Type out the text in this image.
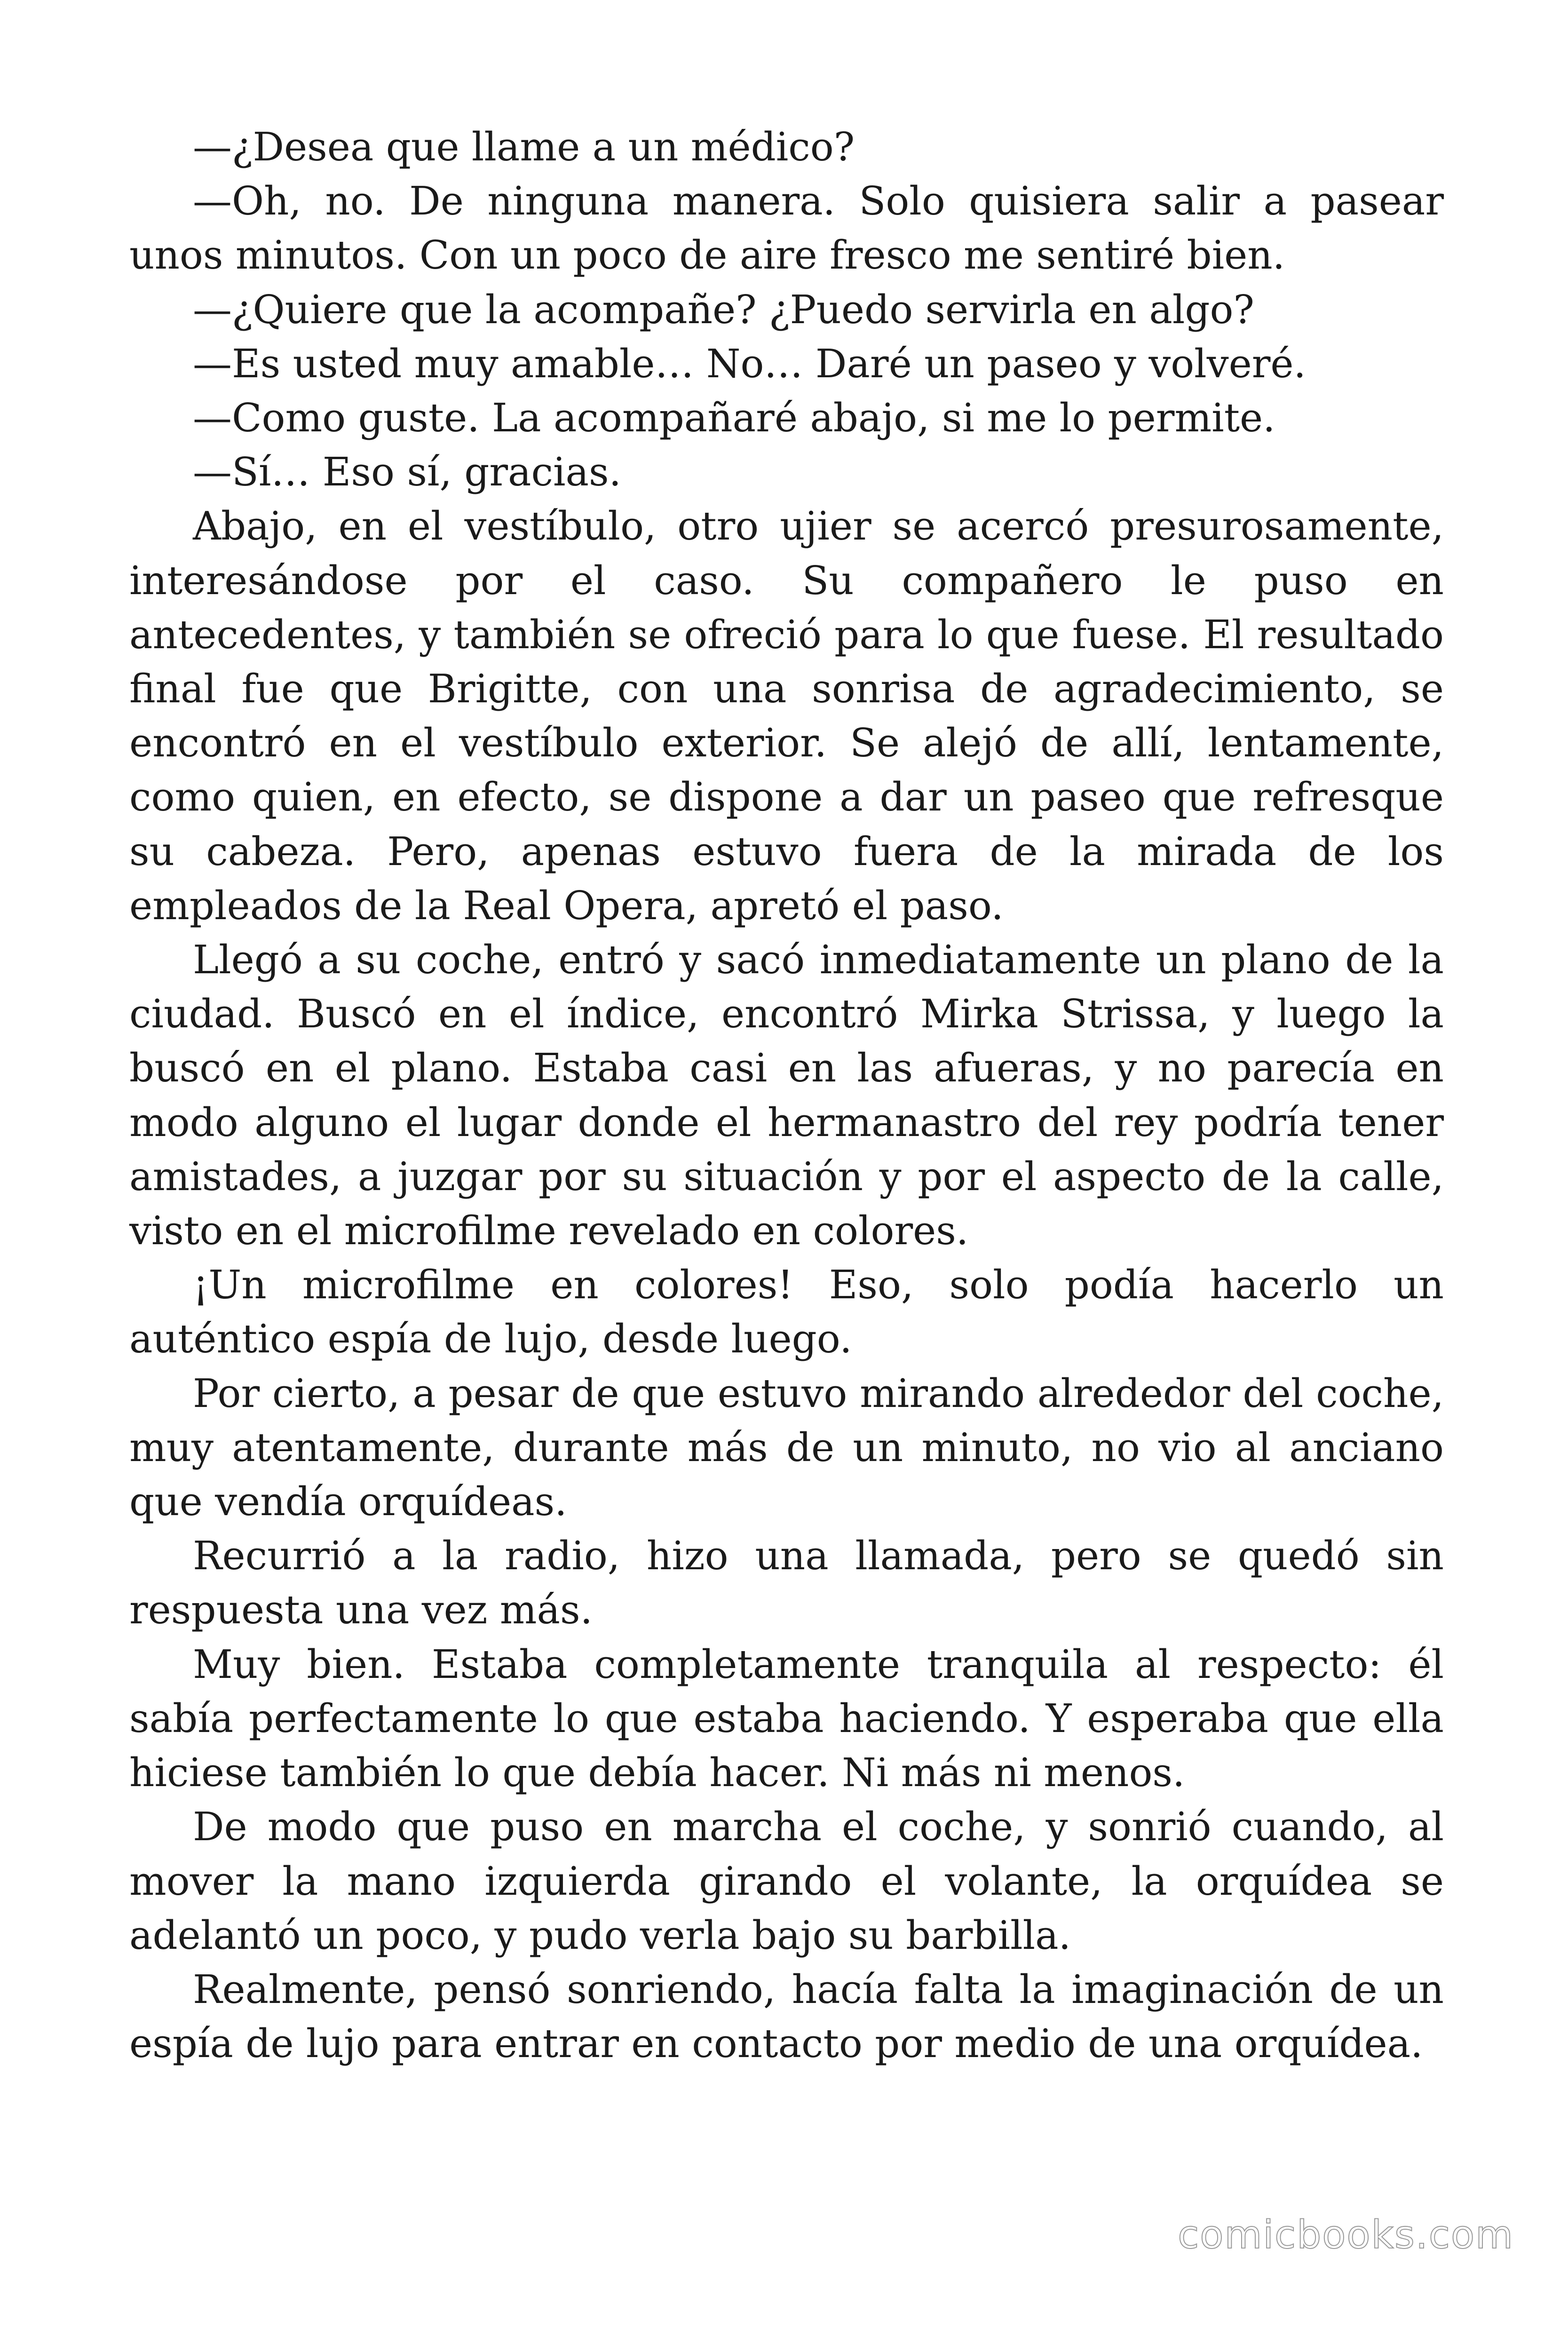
—¿Desea que llame a un médico?

—Oh, no. De ninguna manera. Solo quisiera salir a pasear unos minutos. Con un poco de aire fresco me sentiré bien.

—¿Quiere que la acompañe? ¿Puedo servirla en algo?

—Es usted muy amable… No… Daré un paseo y volveré.

—Como guste. La acompañaré abajo, si me lo permite.

—Sí… Eso sí, gracias.

Abajo, en el vestíbulo, otro ujier se acercó presurosamente, interesándose por el caso. Su compañero le puso en antecedentes, y también se ofreció para lo que fuese. El resultado final fue que Brigitte, con una sonrisa de agradecimiento, se encontró en el vestíbulo exterior. Se alejó de allí, lentamente, como quien, en efecto, se dispone a dar un paseo que refresque su cabeza. Pero, apenas estuvo fuera de la mirada de los empleados de la Real Opera, apretó el paso.

Llegó a su coche, entró y sacó inmediatamente un plano de la ciudad. Buscó en el índice, encontró Mirka Strissa, y luego la buscó en el plano. Estaba casi en las afueras, y no parecía en modo alguno el lugar donde el hermanastro del rey podría tener amistades, a juzgar por su situación y por el aspecto de la calle, visto en el microfilme revelado en colores.

¡Un microfilme en colores! Eso, solo podía hacerlo un auténtico espía de lujo, desde luego.

Por cierto, a pesar de que estuvo mirando alrededor del coche, muy atentamente, durante más de un minuto, no vio al anciano que vendía orquídeas.

Recurrió a la radio, hizo una llamada, pero se quedó sin respuesta una vez más.

Muy bien. Estaba completamente tranquila al respecto: él sabía perfectamente lo que estaba haciendo. Y esperaba que ella hiciese también lo que debía hacer. Ni más ni menos.

De modo que puso en marcha el coche, y sonrió cuando, al mover la mano izquierda girando el volante, la orquídea se adelantó un poco, y pudo verla bajo su barbilla.

Realmente, pensó sonriendo, hacía falta la imaginación de un espía de lujo para entrar en contacto por medio de una orquídea.

comicbooks.com
